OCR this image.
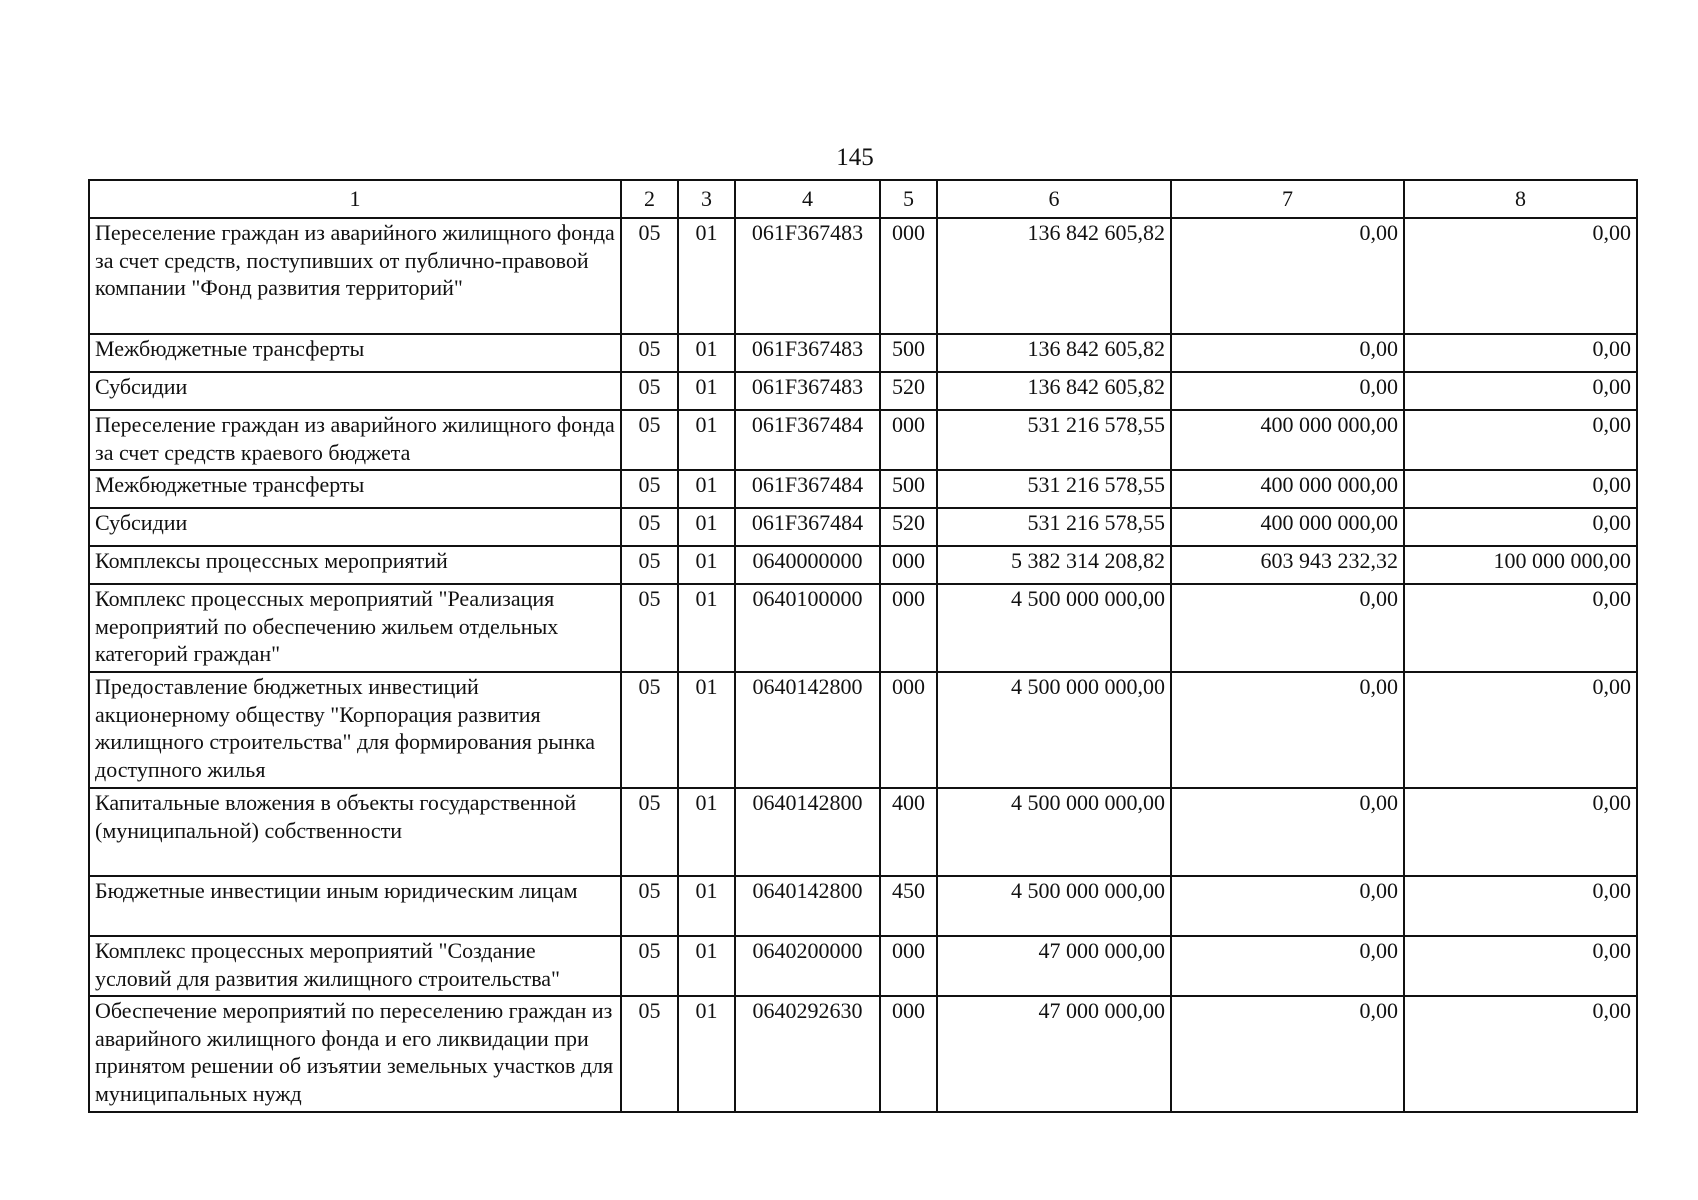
145
1	2	3	4	5	6	7	8
Переселение граждан из аварийного жилищного фонда за счет средств, поступивших от публично-правовой компании "Фонд развития территорий"	05	01	061F367483	000	136 842 605,82	0,00	0,00
Межбюджетные трансферты	05	01	061F367483	500	136 842 605,82	0,00	0,00
Субсидии	05	01	061F367483	520	136 842 605,82	0,00	0,00
Переселение граждан из аварийного жилищного фонда за счет средств краевого бюджета	05	01	061F367484	000	531 216 578,55	400 000 000,00	0,00
Межбюджетные трансферты	05	01	061F367484	500	531 216 578,55	400 000 000,00	0,00
Субсидии	05	01	061F367484	520	531 216 578,55	400 000 000,00	0,00
Комплексы процессных мероприятий	05	01	0640000000	000	5 382 314 208,82	603 943 232,32	100 000 000,00
Комплекс процессных мероприятий "Реализация мероприятий по обеспечению жильем отдельных категорий граждан"	05	01	0640100000	000	4 500 000 000,00	0,00	0,00
Предоставление бюджетных инвестиций акционерному обществу "Корпорация развития жилищного строительства" для формирования рынка доступного жилья	05	01	0640142800	000	4 500 000 000,00	0,00	0,00
Капитальные вложения в объекты государственной (муниципальной) собственности	05	01	0640142800	400	4 500 000 000,00	0,00	0,00
Бюджетные инвестиции иным юридическим лицам	05	01	0640142800	450	4 500 000 000,00	0,00	0,00
Комплекс процессных мероприятий "Создание условий для развития жилищного строительства"	05	01	0640200000	000	47 000 000,00	0,00	0,00
Обеспечение мероприятий по переселению граждан из аварийного жилищного фонда и его ликвидации при принятом решении об изъятии земельных участков для муниципальных нужд	05	01	0640292630	000	47 000 000,00	0,00	0,00
